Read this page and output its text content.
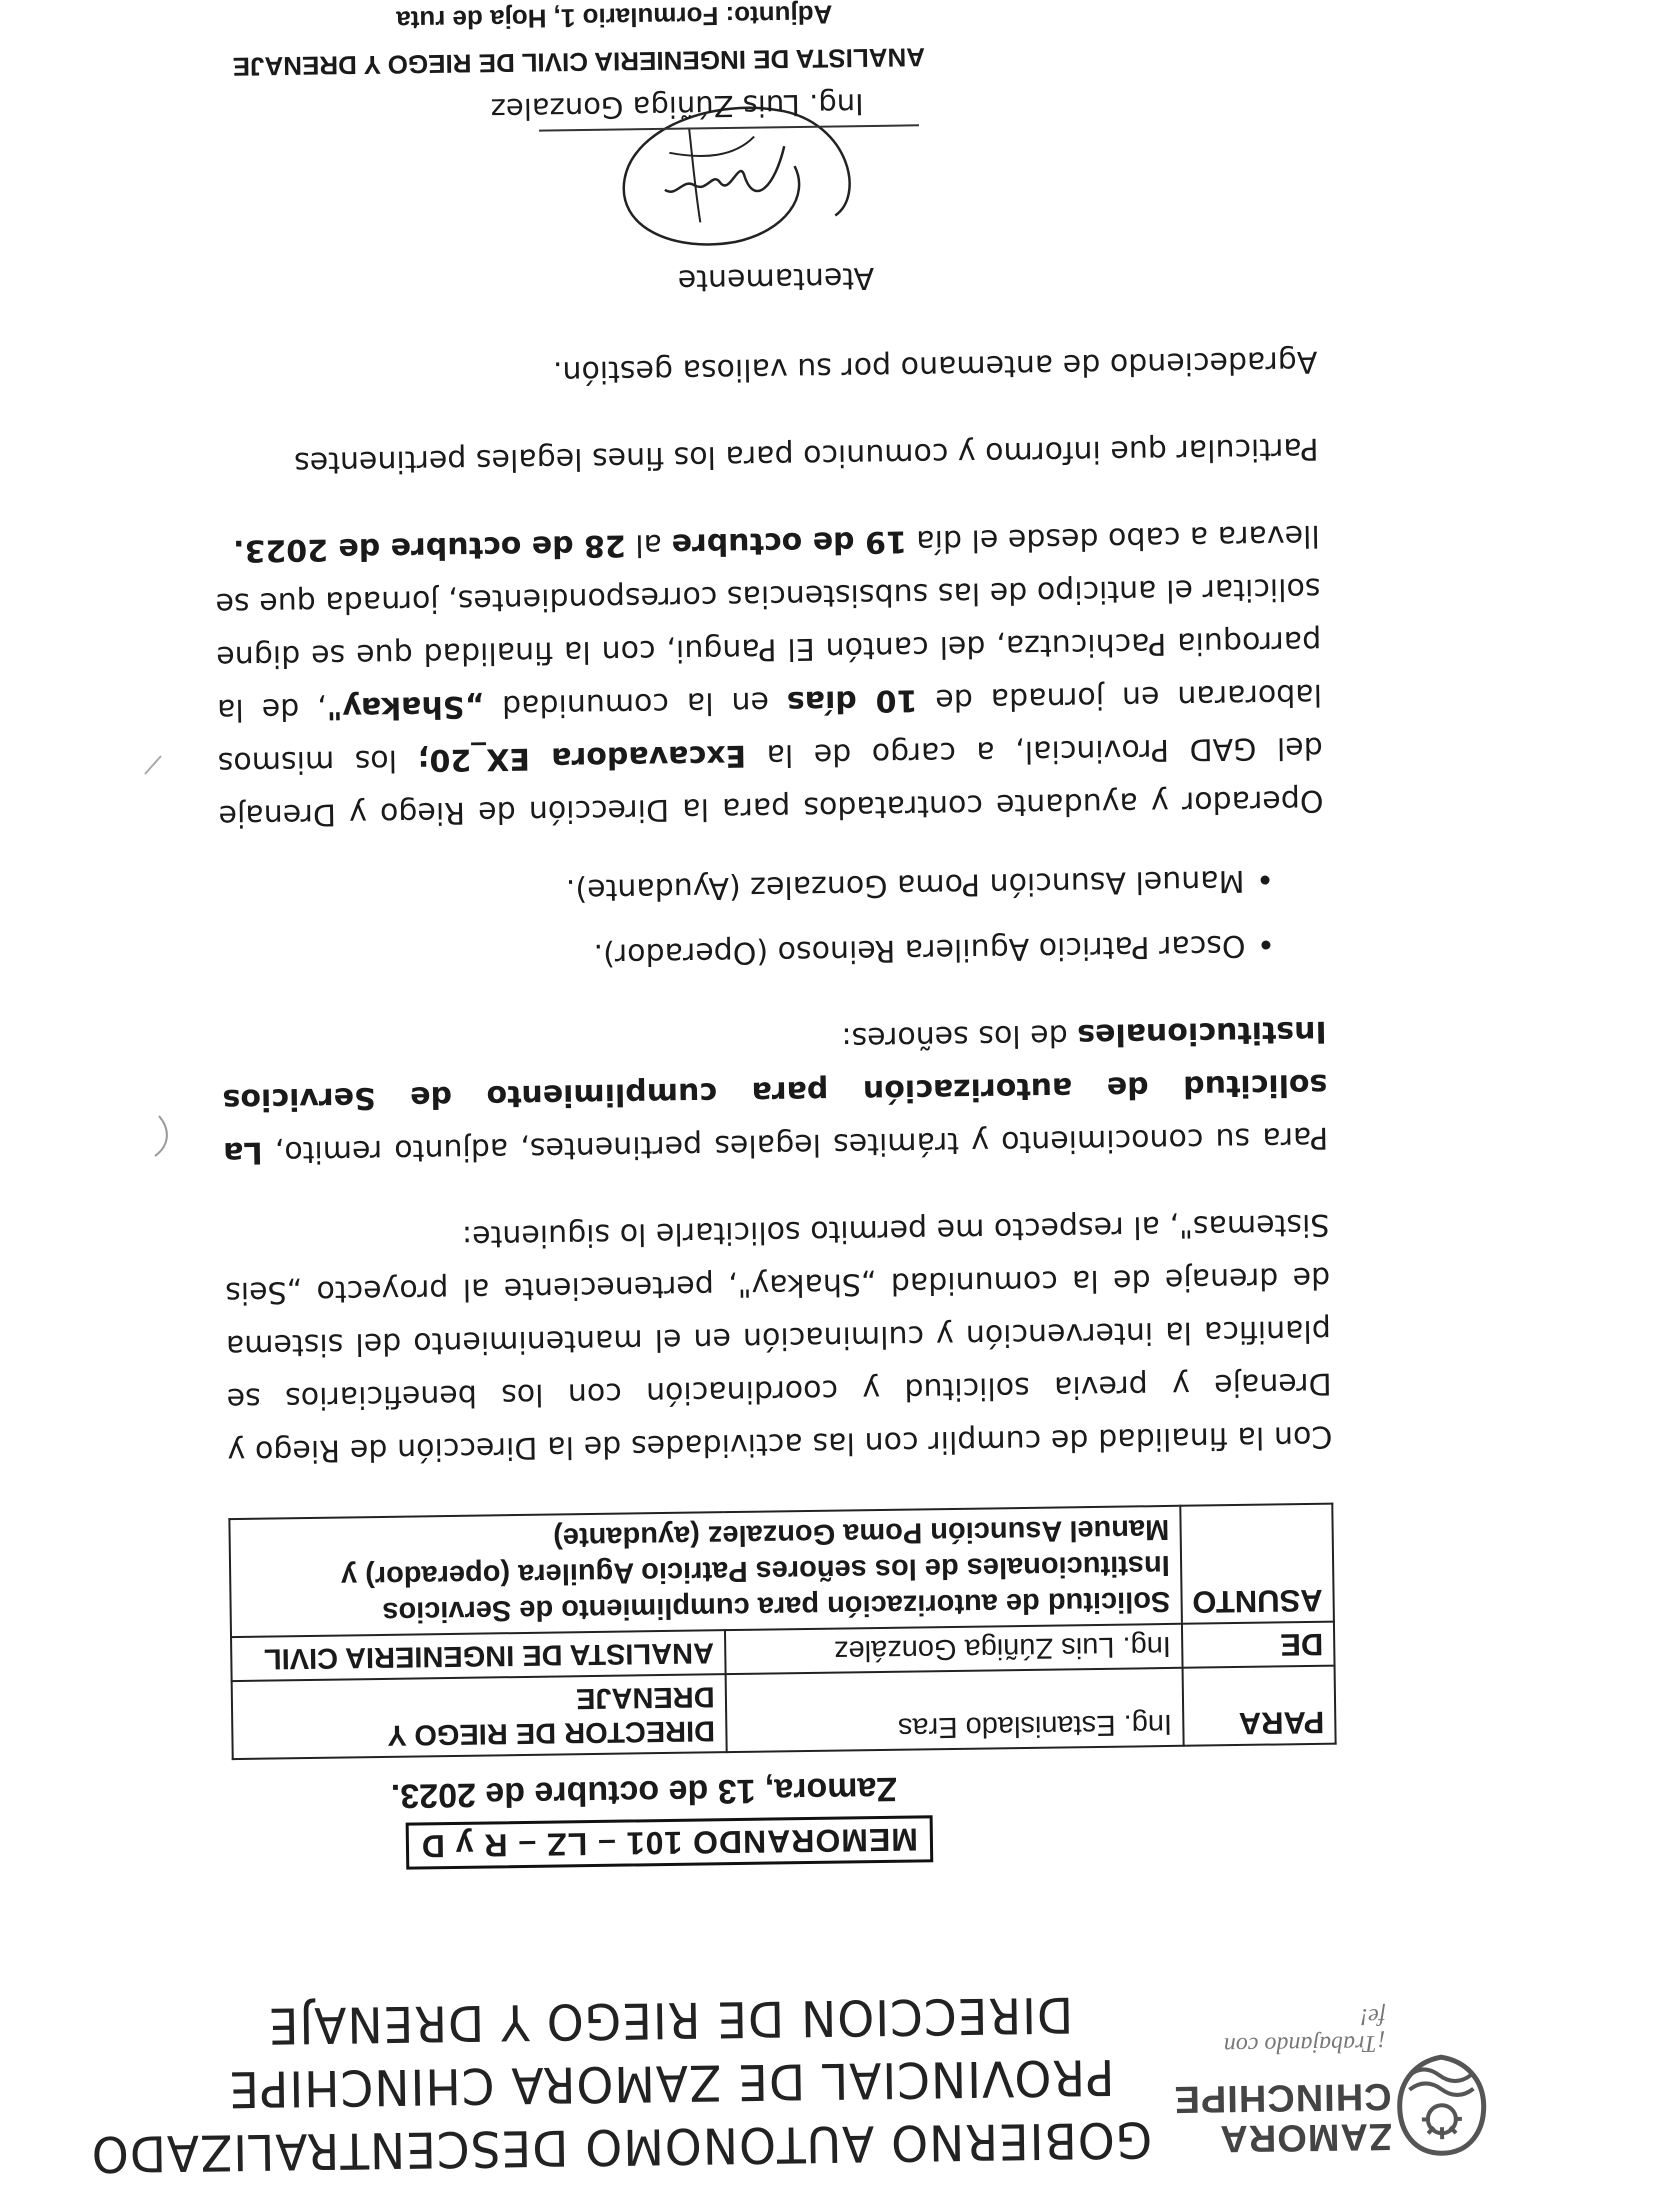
ZAMORA
CHINCHIPE
¡Trabajando con fe!
GOBIERNO AUTONOMO DESCENTRALIZADO
PROVINCIAL DE ZAMORA CHINCHIPE
DIRECCION DE RIEGO Y DRENAJE
MEMORANDO 101 – LZ – R y D
Zamora, 13 de octubre de 2023.
PARA	Ing. Estanislado Eras	DIRECTOR DE RIEGO Y DRENAJE
DE	Ing. Luis Zúñiga González	ANALISTA DE INGENIERIA CIVIL
ASUNTO	Solicitud de autorización para cumplimiento de Servicios Institucionales de los señores Patricio Aguilera (operador) y Manuel Asunción Poma Gonzalez (ayudante)	

Con la finalidad de cumplir con las actividades de la Dirección de Riego y Drenaje y previa solicitud y coordinación con los beneficiarios se planifica la intervención y culminación en el mantenimiento del sistema de drenaje de la comunidad „Shakay", perteneciente al proyecto „Seis Sistemas", al respecto me permito solicitarle lo siguiente:

Para su conocimiento y trámites legales pertinentes, adjunto remito, La solicitud de autorización para cumplimiento de Servicios Institucionales de los señores:

• Oscar Patricio Aguilera Reinoso (Operador).
• Manuel Asunción Poma Gonzalez (Ayudante).

Operador y ayudante contratados para la Dirección de Riego y Drenaje del GAD Provincial, a cargo de la Excavadora EX_20; los mismos laboraran en jornada de 10 días en la comunidad „Shakay", de la parroquia Pachicutza, del cantón El Pangui, con la finalidad que se digne solicitar el anticipo de las subsistencias correspondientes, jornada que se llevara a cabo desde el día 19 de octubre al 28 de octubre de 2023.

Particular que informo y comunico para los fines legales pertinentes

Agradeciendo de antemano por su valiosa gestión.

Atentamente
Ing. Luis Zúñiga Gonzalez
ANALISTA DE INGENIERIA CIVIL DE RIEGO Y DRENAJE
Adjunto: Formulario 1, Hoja de ruta
